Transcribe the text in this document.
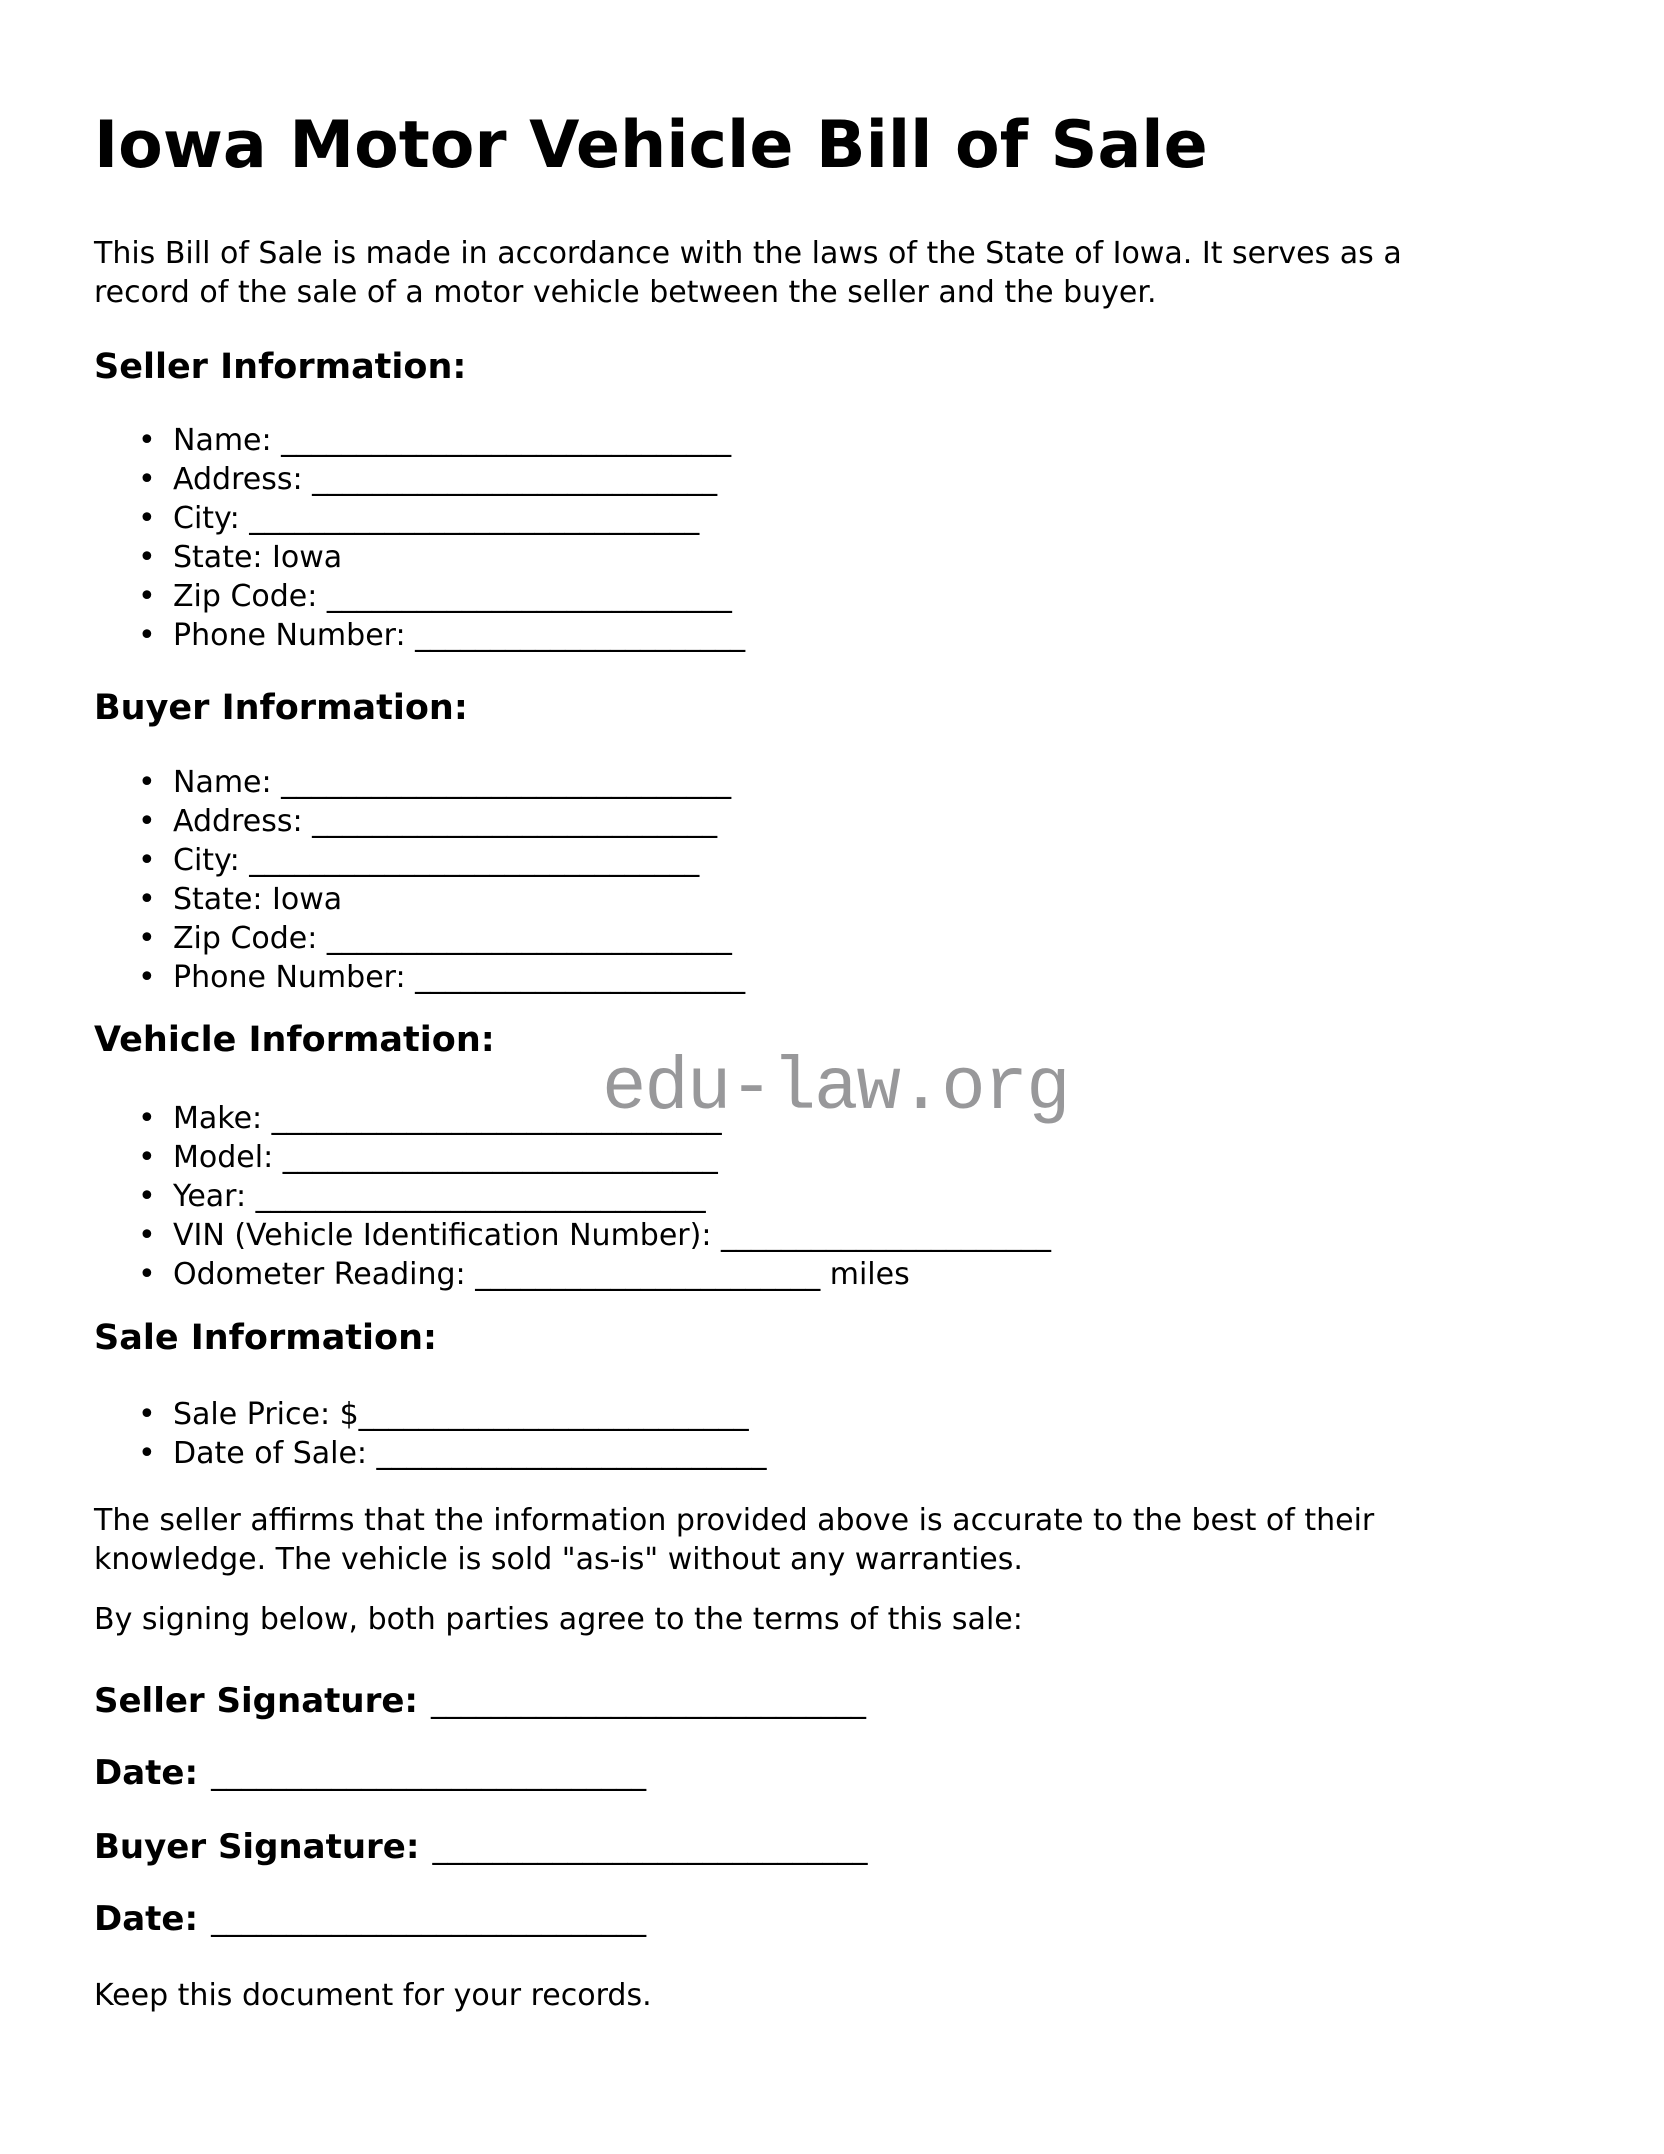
edu-law.org
Iowa Motor Vehicle Bill of Sale

This Bill of Sale is made in accordance with the laws of the State of Iowa. It serves as a
record of the sale of a motor vehicle between the seller and the buyer.

Seller Information:
• Name: ______________________________
• Address: ___________________________
• City: ______________________________
• State: Iowa
• Zip Code: ___________________________
• Phone Number: ______________________
Buyer Information:
• Name: ______________________________
• Address: ___________________________
• City: ______________________________
• State: Iowa
• Zip Code: ___________________________
• Phone Number: ______________________
Vehicle Information:
• Make: ______________________________
• Model: _____________________________
• Year: ______________________________
• VIN (Vehicle Identification Number): ______________________
• Odometer Reading: _______________________ miles
Sale Information:
• Sale Price: $__________________________
• Date of Sale: __________________________

The seller affirms that the information provided above is accurate to the best of their
knowledge. The vehicle is sold "as-is" without any warranties.

By signing below, both parties agree to the terms of this sale:

Seller Signature: _____________________________

Date: _____________________________

Buyer Signature: _____________________________

Date: _____________________________

Keep this document for your records.
